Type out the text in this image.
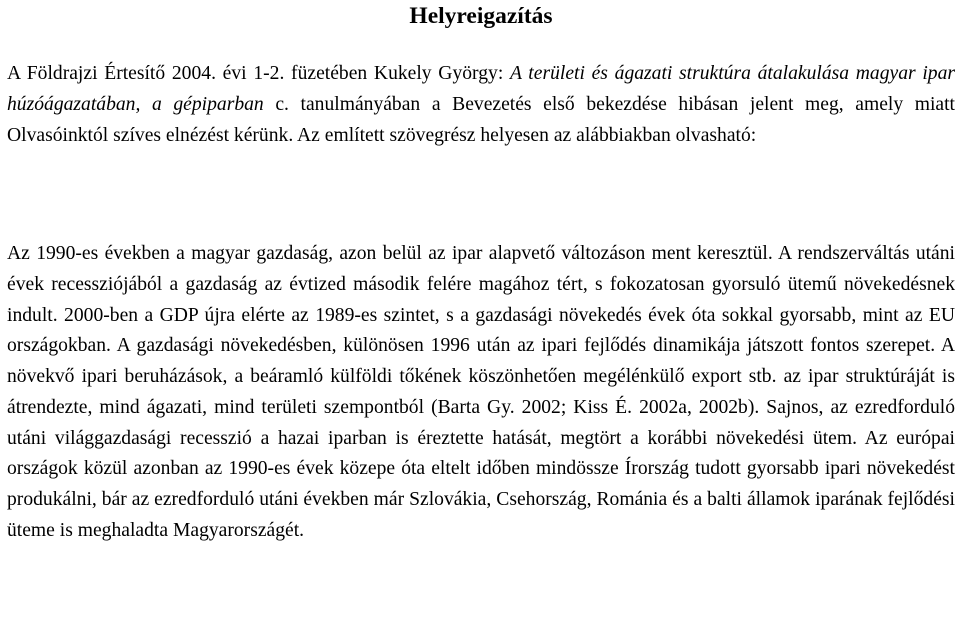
Helyreigazítás

A Földrajzi Értesítő 2004. évi 1-2. füzetében Kukely György: A területi és ágazati struktúra átalakulása magyar ipar húzóágazatában, a gépiparban c. tanulmányában a Bevezetés első bekezdése hibásan jelent meg, amely miatt Olvasóinktól szíves elnézést kérünk. Az említett szövegrész helyesen az alábbiakban olvasható:

Az 1990-es években a magyar gazdaság, azon belül az ipar alapvető változáson ment keresztül. A rendszerváltás utáni évek recessziójából a gazdaság az évtized második felére magához tért, s fokozatosan gyorsuló ütemű növekedésnek indult. 2000-ben a GDP újra elérte az 1989-es szintet, s a gazdasági növekedés évek óta sokkal gyorsabb, mint az EU országokban. A gazdasági növekedésben, különösen 1996 után az ipari fejlődés dinamikája játszott fontos szerepet. A növekvő ipari beruházások, a beáramló külföldi tőkének köszönhetően megélénkülő export stb. az ipar struktúráját is átrendezte, mind ágazati, mind területi szempontból (Barta Gy. 2002; Kiss É. 2002a, 2002b). Sajnos, az ezredforduló utáni világgazdasági recesszió a hazai iparban is éreztette hatását, megtört a korábbi növekedési ütem. Az európai országok közül azonban az 1990-es évek közepe óta eltelt időben mindössze Írország tudott gyorsabb ipari növekedést produkálni, bár az ezredforduló utáni években már Szlovákia, Csehország, Románia és a balti államok iparának fejlődési üteme is meghaladta Magyarországét.
